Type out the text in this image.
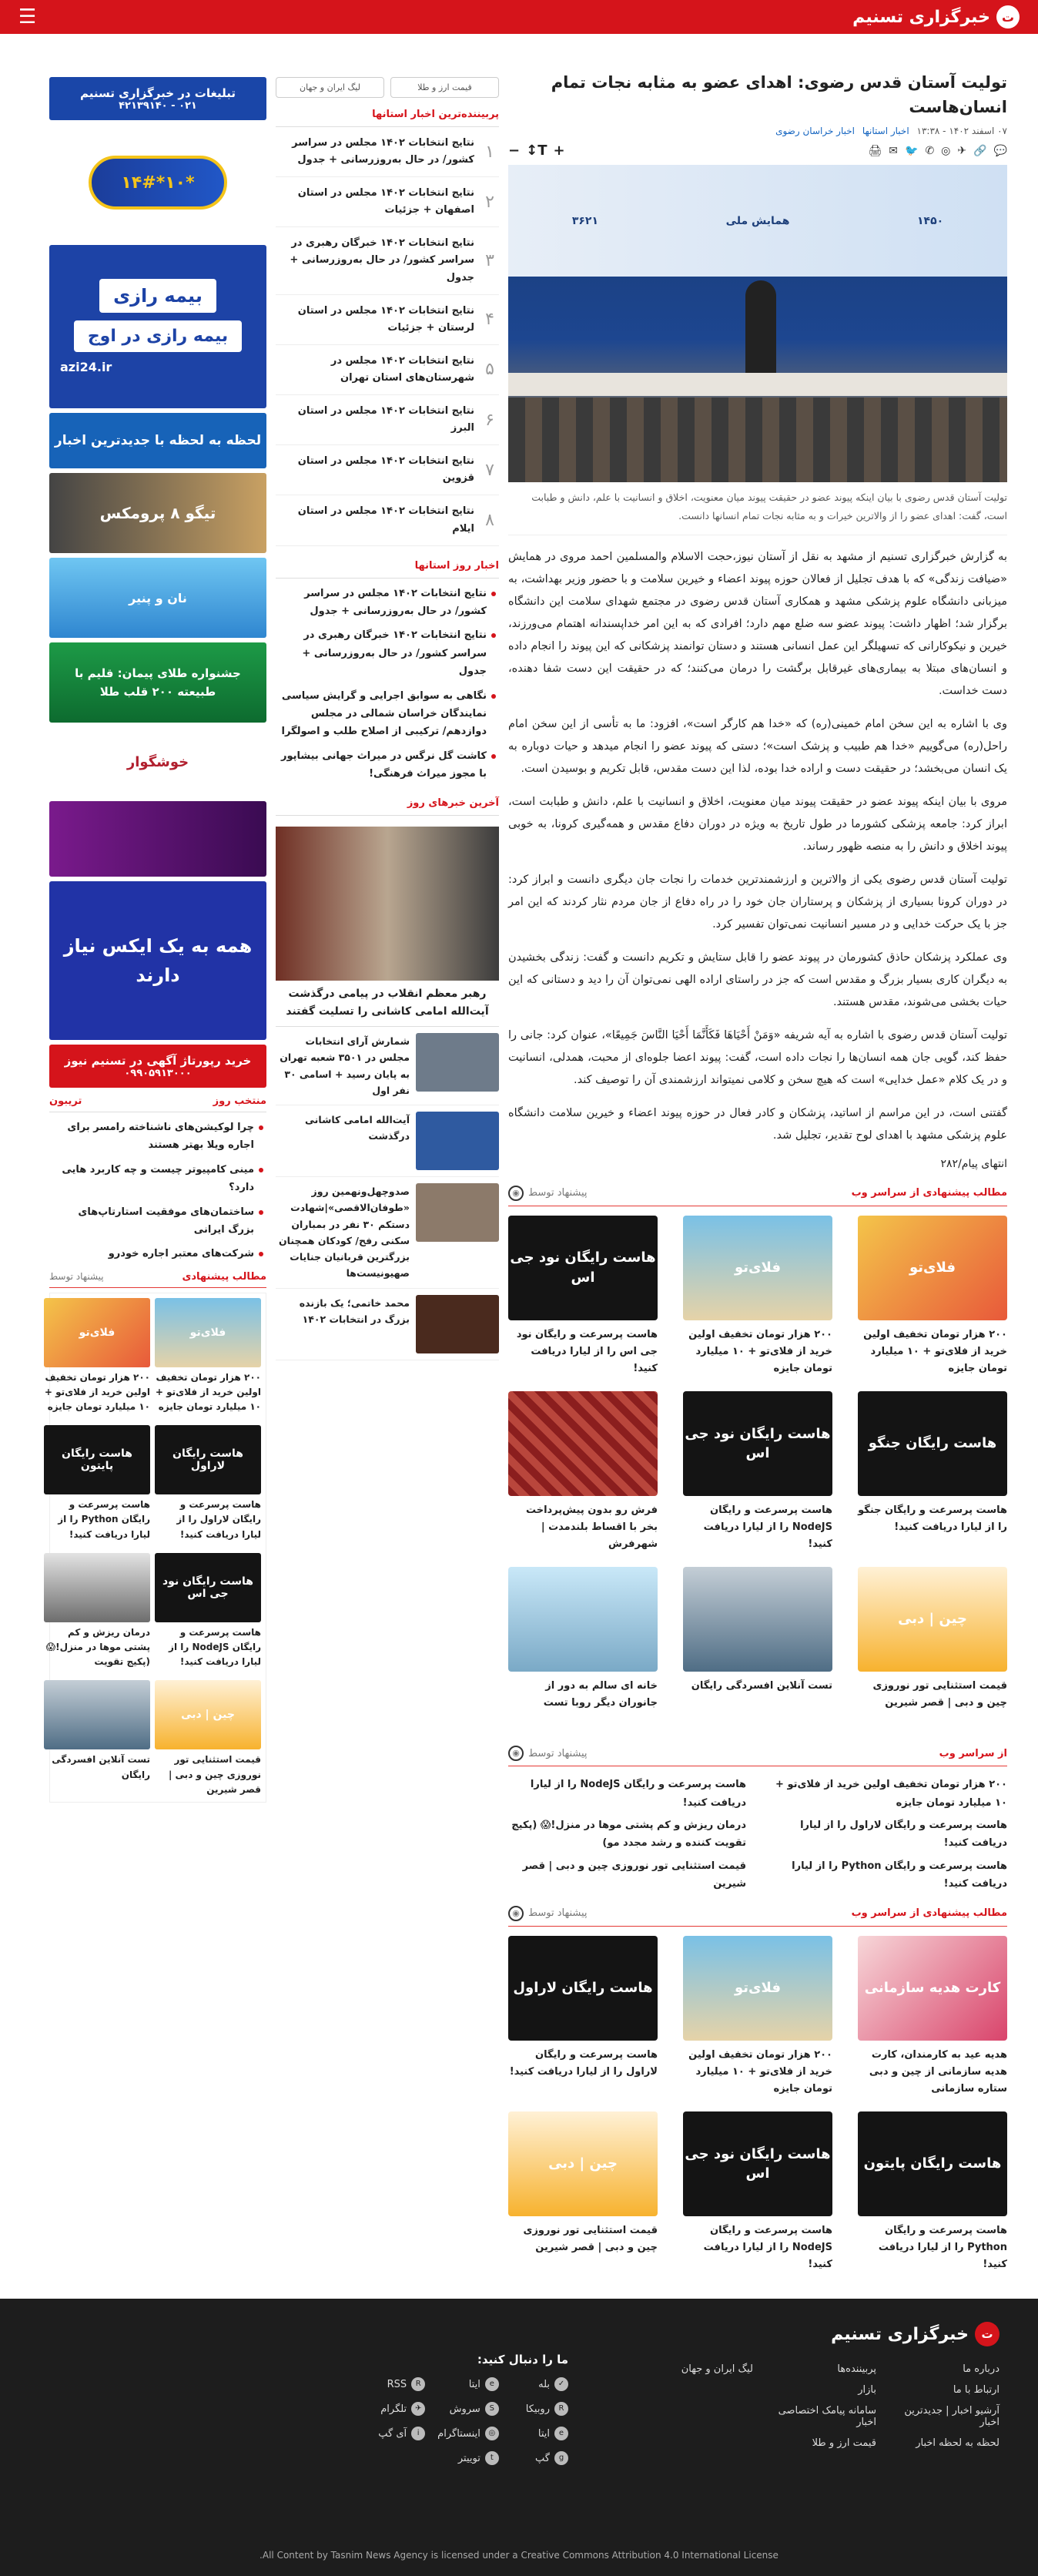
ت
خبرگزاری تسنیم
☰
تولیت آستان قدس رضوی: اهدای عضو به مثابه نجات تمام انسان‌هاست
۰۷ اسفند ۱۴۰۲ - ۱۳:۳۸ اخبار استانها اخبار خراسان رضوی
💬
🔗
✈
◎
✆
🐦
✉
🖨
+
T↕
−
۱۴۵۰
همایش ملی
۳۶۲۱
تولیت آستان قدس رضوی با بیان اینکه پیوند عضو در حقیقت پیوند میان معنویت، اخلاق و انسانیت با علم، دانش و طبابت است، گفت: اهدای عضو را از والاترین خیرات و به مثابه نجات تمام انسانها دانست.

به گزارش خبرگزاری تسنیم از مشهد به نقل از آستان نیوز،حجت الاسلام والمسلمین احمد مروی در همایش «ضیافت زندگی» که با هدف تجلیل از فعالان حوزه پیوند اعضاء و خیرین سلامت و با حضور وزیر بهداشت، به میزبانی دانشگاه علوم پزشکی مشهد و همکاری آستان قدس رضوی در مجتمع شهدای سلامت این دانشگاه برگزار شد؛ اظهار داشت: پیوند عضو سه ضلع مهم دارد؛ افرادی که به این امر خداپسندانه اهتمام می‌ورزند، خیرین و نیکوکارانی که تسهیلگر این عمل انسانی هستند و دستان توانمند پزشکانی که این پیوند را انجام داده و انسان‌های مبتلا به بیماری‌های غیرقابل برگشت را درمان می‌کنند؛ که در حقیقت این دست شفا دهنده، دست خداست.

وی با اشاره به این سخن امام خمینی(ره) که «خدا هم کارگر است»، افزود: ما به تأسی از این سخن امام راحل(ره) می‌گوییم «خدا هم طبیب و پزشک است»؛ دستی که پیوند عضو را انجام میدهد و حیات دوباره به یک انسان می‌بخشد؛ در حقیقت دست و اراده خدا بوده، لذا این دست مقدس، قابل تکریم و بوسیدن است.

مروی با بیان اینکه پیوند عضو در حقیقت پیوند میان معنویت، اخلاق و انسانیت با علم، دانش و طبابت است، ابراز کرد: جامعه پزشکی کشورما در طول تاریخ به ویژه در دوران دفاع مقدس و همه‌گیری کرونا، به خوبی پیوند اخلاق و دانش را به منصه ظهور رساند.

تولیت آستان قدس رضوی یکی از والاترین و ارزشمندترین خدمات را نجات جان دیگری دانست و ابراز کرد: در دوران کرونا بسیاری از پزشکان و پرستاران جان خود را در راه دفاع از جان مردم نثار کردند که این امر جز با یک حرکت خدایی و در مسیر انسانیت نمی‌توان تفسیر کرد.

وی عملکرد پزشکان حاذق کشورمان در پیوند عضو را قابل ستایش و تکریم دانست و گفت: زندگی بخشیدن به دیگران کاری بسیار بزرگ و مقدس است که جز در راستای اراده الهی نمی‌توان آن را دید و دستانی که این حیات بخشی می‌شوند، مقدس هستند.

تولیت آستان قدس رضوی با اشاره به آیه شریفه «وَمَنْ أَحْيَاهَا فَكَأَنَّمَا أَحْيَا النَّاسَ جَمِيعًا»، عنوان کرد: جانی را حفظ کند، گویی جان همه انسان‌ها را نجات داده است، گفت: پیوند اعضا جلوه‌ای از محبت، همدلی، انسانیت و در یک کلام «عمل خدایی» است که هیچ سخن و کلامی نمیتواند ارزشمندی آن را توصیف کند.

گفتنی است، در این مراسم از اساتید، پزشکان و کادر فعال در حوزه پیوند اعضاء و خیرین سلامت دانشگاه علوم پزشکی مشهد با اهدای لوح تقدیر، تجلیل شد.

انتهای پیام/۲۸۲
مطالب پیشنهادی از سراسر وب
پیشنهاد توسط
◉
فلای‌تو
۲۰۰ هزار تومان تخفیف اولین خرید از فلای‌تو + ۱۰ میلیارد تومان جایزه
فلای‌تو
۲۰۰ هزار تومان تخفیف اولین خرید از فلای‌تو + ۱۰ میلیارد تومان جایزه
هاست رایگان نود جی اس
هاست پرسرعت و رایگان نود جی اس را از لیارا دریافت کنید!
هاست رایگان جنگو
هاست پرسرعت و رایگان جنگو را از لیارا دریافت کنید!
هاست رایگان نود جی اس
هاست پرسرعت و رایگان NodeJS را از لیارا دریافت کنید!
فرش رو بدون پیش‌پرداخت بخر با اقساط بلندمدت | شهرفرش
چین | دبی
قیمت استثنایی تور نوروزی چین و دبی | قصر شیرین
تست آنلاین افسردگی رایگان
خانه ای سالم به دور از جانوران دیگر روبا تست
از سراسر وب
پیشنهاد توسط
◉
۲۰۰ هزار تومان تخفیف اولین خرید از فلای‌تو + ۱۰ میلیارد تومان جایزه
هاست پرسرعت و رایگان NodeJS را از لیارا دریافت کنید!
هاست پرسرعت و رایگان لاراول را از لیارا دریافت کنید!
درمان ریزش و کم پشتی موها در منزل!😱 (پکیج تقویت کننده و رشد مجدد مو)
هاست پرسرعت و رایگان Python را از لیارا دریافت کنید!
قیمت استثنایی تور نوروزی چین و دبی | قصر شیرین
مطالب پیشنهادی از سراسر وب
پیشنهاد توسط
◉
کارت هدیه سازمانی
هدیه عید به کارمندان، کارت هدیه سازمانی از چین و دبی ستاره سازمانی
فلای‌تو
۲۰۰ هزار تومان تخفیف اولین خرید از فلای‌تو + ۱۰ میلیارد تومان جایزه
هاست رایگان لاراول
هاست پرسرعت و رایگان لاراول را از لیارا دریافت کنید!
هاست رایگان پایتون
هاست پرسرعت و رایگان Python را از لیارا دریافت کنید!
هاست رایگان نود جی اس
هاست پرسرعت و رایگان NodeJS را از لیارا دریافت کنید!
چین | دبی
قیمت استثنایی تور نوروزی چین و دبی | قصر شیرین
قیمت ارز و طلا
لیگ ایران و جهان
پربیننده‌ترین اخبار استانها
۱
نتایج انتخابات ۱۴۰۲ مجلس در سراسر کشور/ در حال به‌روزرسانی + جدول
۲
نتایج انتخابات ۱۴۰۲ مجلس در استان اصفهان + جزئیات
۳
نتایج انتخابات ۱۴۰۲ خبرگان رهبری در سراسر کشور/ در حال به‌روزرسانی + جدول
۴
نتایج انتخابات ۱۴۰۲ مجلس در استان لرستان + جزئیات
۵
نتایج انتخابات ۱۴۰۲ مجلس در شهرستان‌های استان تهران
۶
نتایج انتخابات ۱۴۰۲ مجلس در استان البرز
۷
نتایج انتخابات ۱۴۰۲ مجلس در استان قزوین
۸
نتایج انتخابات ۱۴۰۲ مجلس در استان ایلام
اخبار روز استانها
نتایج انتخابات ۱۴۰۲ مجلس در سراسر کشور/ در حال به‌روزرسانی + جدول
نتایج انتخابات ۱۴۰۲ خبرگان رهبری در سراسر کشور/ در حال به‌روزرسانی + جدول
نگاهی به سوابق اجرایی و گرایش سیاسی نمایندگان خراسان شمالی در مجلس دوازدهم/ ترکیبی از اصلاح طلب و اصولگرا
کاشت گل نرگس در میراث جهانی بیشاپور با مجوز میراث فرهنگی!
آخرین خبرهای روز
رهبر معظم انقلاب در پیامی درگذشت آیت‌الله امامی کاشانی را تسلیت گفتند
شمارش آرای انتخابات مجلس در ۳۵۰۱ شعبه تهران به پایان رسید + اسامی ۳۰ نفر اول
آیت‌الله امامی کاشانی درگذشت
صدوچهل‌ونهمین روز «طوفان‌الاقصی»|شهادت دستکم ۳۰ نفر در بمباران سکنی رفح/ کودکان همچنان بزرگترین قربانیان جنایات صهیونیست‌ها
محمد خاتمی؛ یک بازنده بزرگ در انتخابات ۱۴۰۲
تبلیغات در خبرگزاری تسنیم
۰۲۱ - ۴۲۱۳۹۱۴۰
*۱۰*۱۴#
بیمه رازی
بیمه رازی در اوج
azi24.ir
لحظه به لحظه با جدیدترین اخبار
تیگو ۸ پرومکس
نان و پنیر
جشنواره طلای پیمان: قلیم با طبیعته ۲۰۰ قلب طلا
خوشگوار
همه به یک ایکس نیاز دارند
خرید رپورتاژ آگهی در تسنیم نیوز
۰۹۹۰۵۹۱۳۰۰۰
منتخب روز
تریبون
چرا لوکیشن‌های ناشناخته رامسر برای اجاره ویلا بهتر هستند
مینی کامپیوتر چیست و چه کاربرد هایی دارد؟
ساختمان‌های موفقیت استارتاپ‌های بزرگ ایرانی
شرکت‌های معتبر اجاره خودرو
مطالب پیشنهادی
پیشنهاد توسط
فلای‌تو
۲۰۰ هزار تومان تخفیف اولین خرید از فلای‌تو + ۱۰ میلیارد تومان جایزه
فلای‌تو
۲۰۰ هزار تومان تخفیف اولین خرید از فلای‌تو + ۱۰ میلیارد تومان جایزه
هاست رایگان لاراول
هاست پرسرعت و رایگان لاراول را از لیارا دریافت کنید!
هاست رایگان پایتون
هاست پرسرعت و رایگان Python را از لیارا دریافت کنید!
هاست رایگان نود جی اس
هاست پرسرعت و رایگان NodeJS را از لیارا دریافت کنید!
درمان ریزش و کم پشتی موها در منزل!😱 (پکیج تقویت
چین | دبی
قیمت استثنایی تور نوروزی چین و دبی | قصر شیرین
تست آنلاین افسردگی رایگان
ت
خبرگزاری تسنیم
درباره ما
پربیننده‌ها
لیگ ایران و جهان
ارتباط با ما
بازار
آرشیو اخبار | جدیدترین اخبار
سامانه پیامک اختصاصی اخبار
لحظه به لحظه اخبار
قیمت ارز و طلا
ما را دنبال کنید:
✓
بله
e
ایتا
R
RSS
R
روبیکا
S
سروش
✈
تلگرام
e
ایتا
◎
اینستاگرام
i
آی گپ
g
گپ
t
توییتر
All Content by Tasnim News Agency is licensed under a Creative Commons Attribution 4.0 International License.
